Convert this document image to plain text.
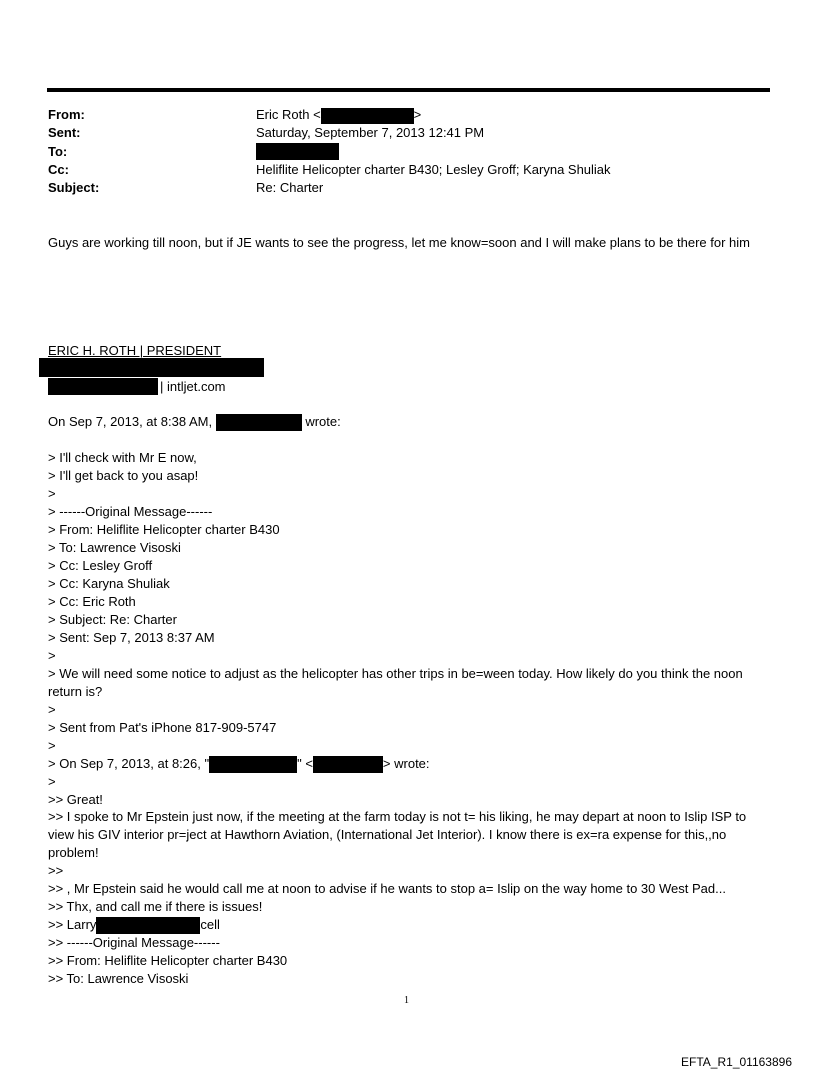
From:	Eric Roth <	>
Sent:	Saturday, September 7, 2013 12:41 PM
To:
Cc:	Heliflite Helicopter charter B430; Lesley Groff; Karyna Shuliak
Subject:	Re: Charter
Guys are working till noon, but if JE wants to see the progress, let me know=soon and I will make plans to be there for him
ERIC H. ROTH | PRESIDENT
| intljet.com
On Sep 7, 2013, at 8:38 AM,	wrote:
> I'll check with Mr E now,
> I'll get back to you asap!
>
> ------Original Message------
> From: Heliflite Helicopter charter B430
> To: Lawrence Visoski
> Cc: Lesley Groff
> Cc: Karyna Shuliak
> Cc: Eric Roth
> Subject: Re: Charter
> Sent: Sep 7, 2013 8:37 AM
>
> We will need some notice to adjust as the helicopter has other trips in be=ween today. How likely do you think the noon return is?
>
> Sent from Pat's iPhone 817-909-5747
>
> On Sep 7, 2013, at 8:26, "	" <	> wrote:
>
>> Great!
>> I spoke to Mr Epstein just now, if the meeting at the farm today is not t= his liking, he may depart at noon to Islip ISP to view his GIV interior pr=ject at Hawthorn Aviation, (International Jet Interior). I know there is ex=ra expense for this,,no problem!
>>
>> , Mr Epstein said he would call me at noon to advise if he wants to stop a= Islip on the way home to 30 West Pad...
>> Thx, and call me if there is issues!
>> Larry	cell
>> ------Original Message------
>> From: Heliflite Helicopter charter B430
>> To: Lawrence Visoski
1
EFTA_R1_01163896
